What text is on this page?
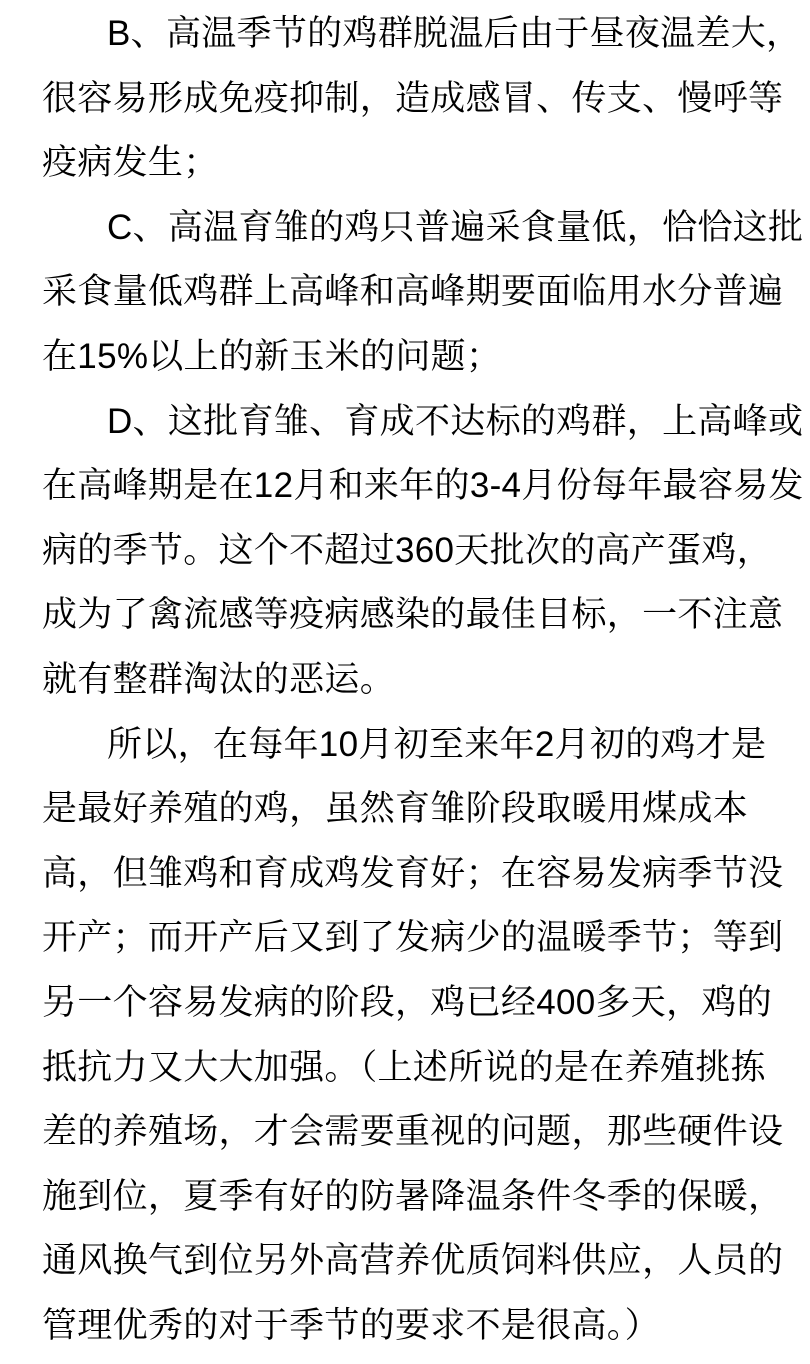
B、高温季节的鸡群脱温后由于昼夜温差大，
很容易形成免疫抑制，造成感冒、传支、慢呼等
疫病发生；
C、高温育雏的鸡只普遍采食量低，恰恰这批
采食量低鸡群上高峰和高峰期要面临用水分普遍
在15%以上的新玉米的问题；
D、这批育雏、育成不达标的鸡群，上高峰或
在高峰期是在12月和来年的3-4月份每年最容易发
病的季节。这个不超过360天批次的高产蛋鸡，
成为了禽流感等疫病感染的最佳目标，一不注意
就有整群淘汰的恶运。
所以，在每年10月初至来年2月初的鸡才是
是最好养殖的鸡，虽然育雏阶段取暖用煤成本
高，但雏鸡和育成鸡发育好；在容易发病季节没
开产；而开产后又到了发病少的温暖季节；等到
另一个容易发病的阶段，鸡已经400多天，鸡的
抵抗力又大大加强。（上述所说的是在养殖挑拣
差的养殖场，才会需要重视的问题，那些硬件设
施到位，夏季有好的防暑降温条件冬季的保暖，
通风换气到位另外高营养优质饲料供应，人员的
管理优秀的对于季节的要求不是很高。）
